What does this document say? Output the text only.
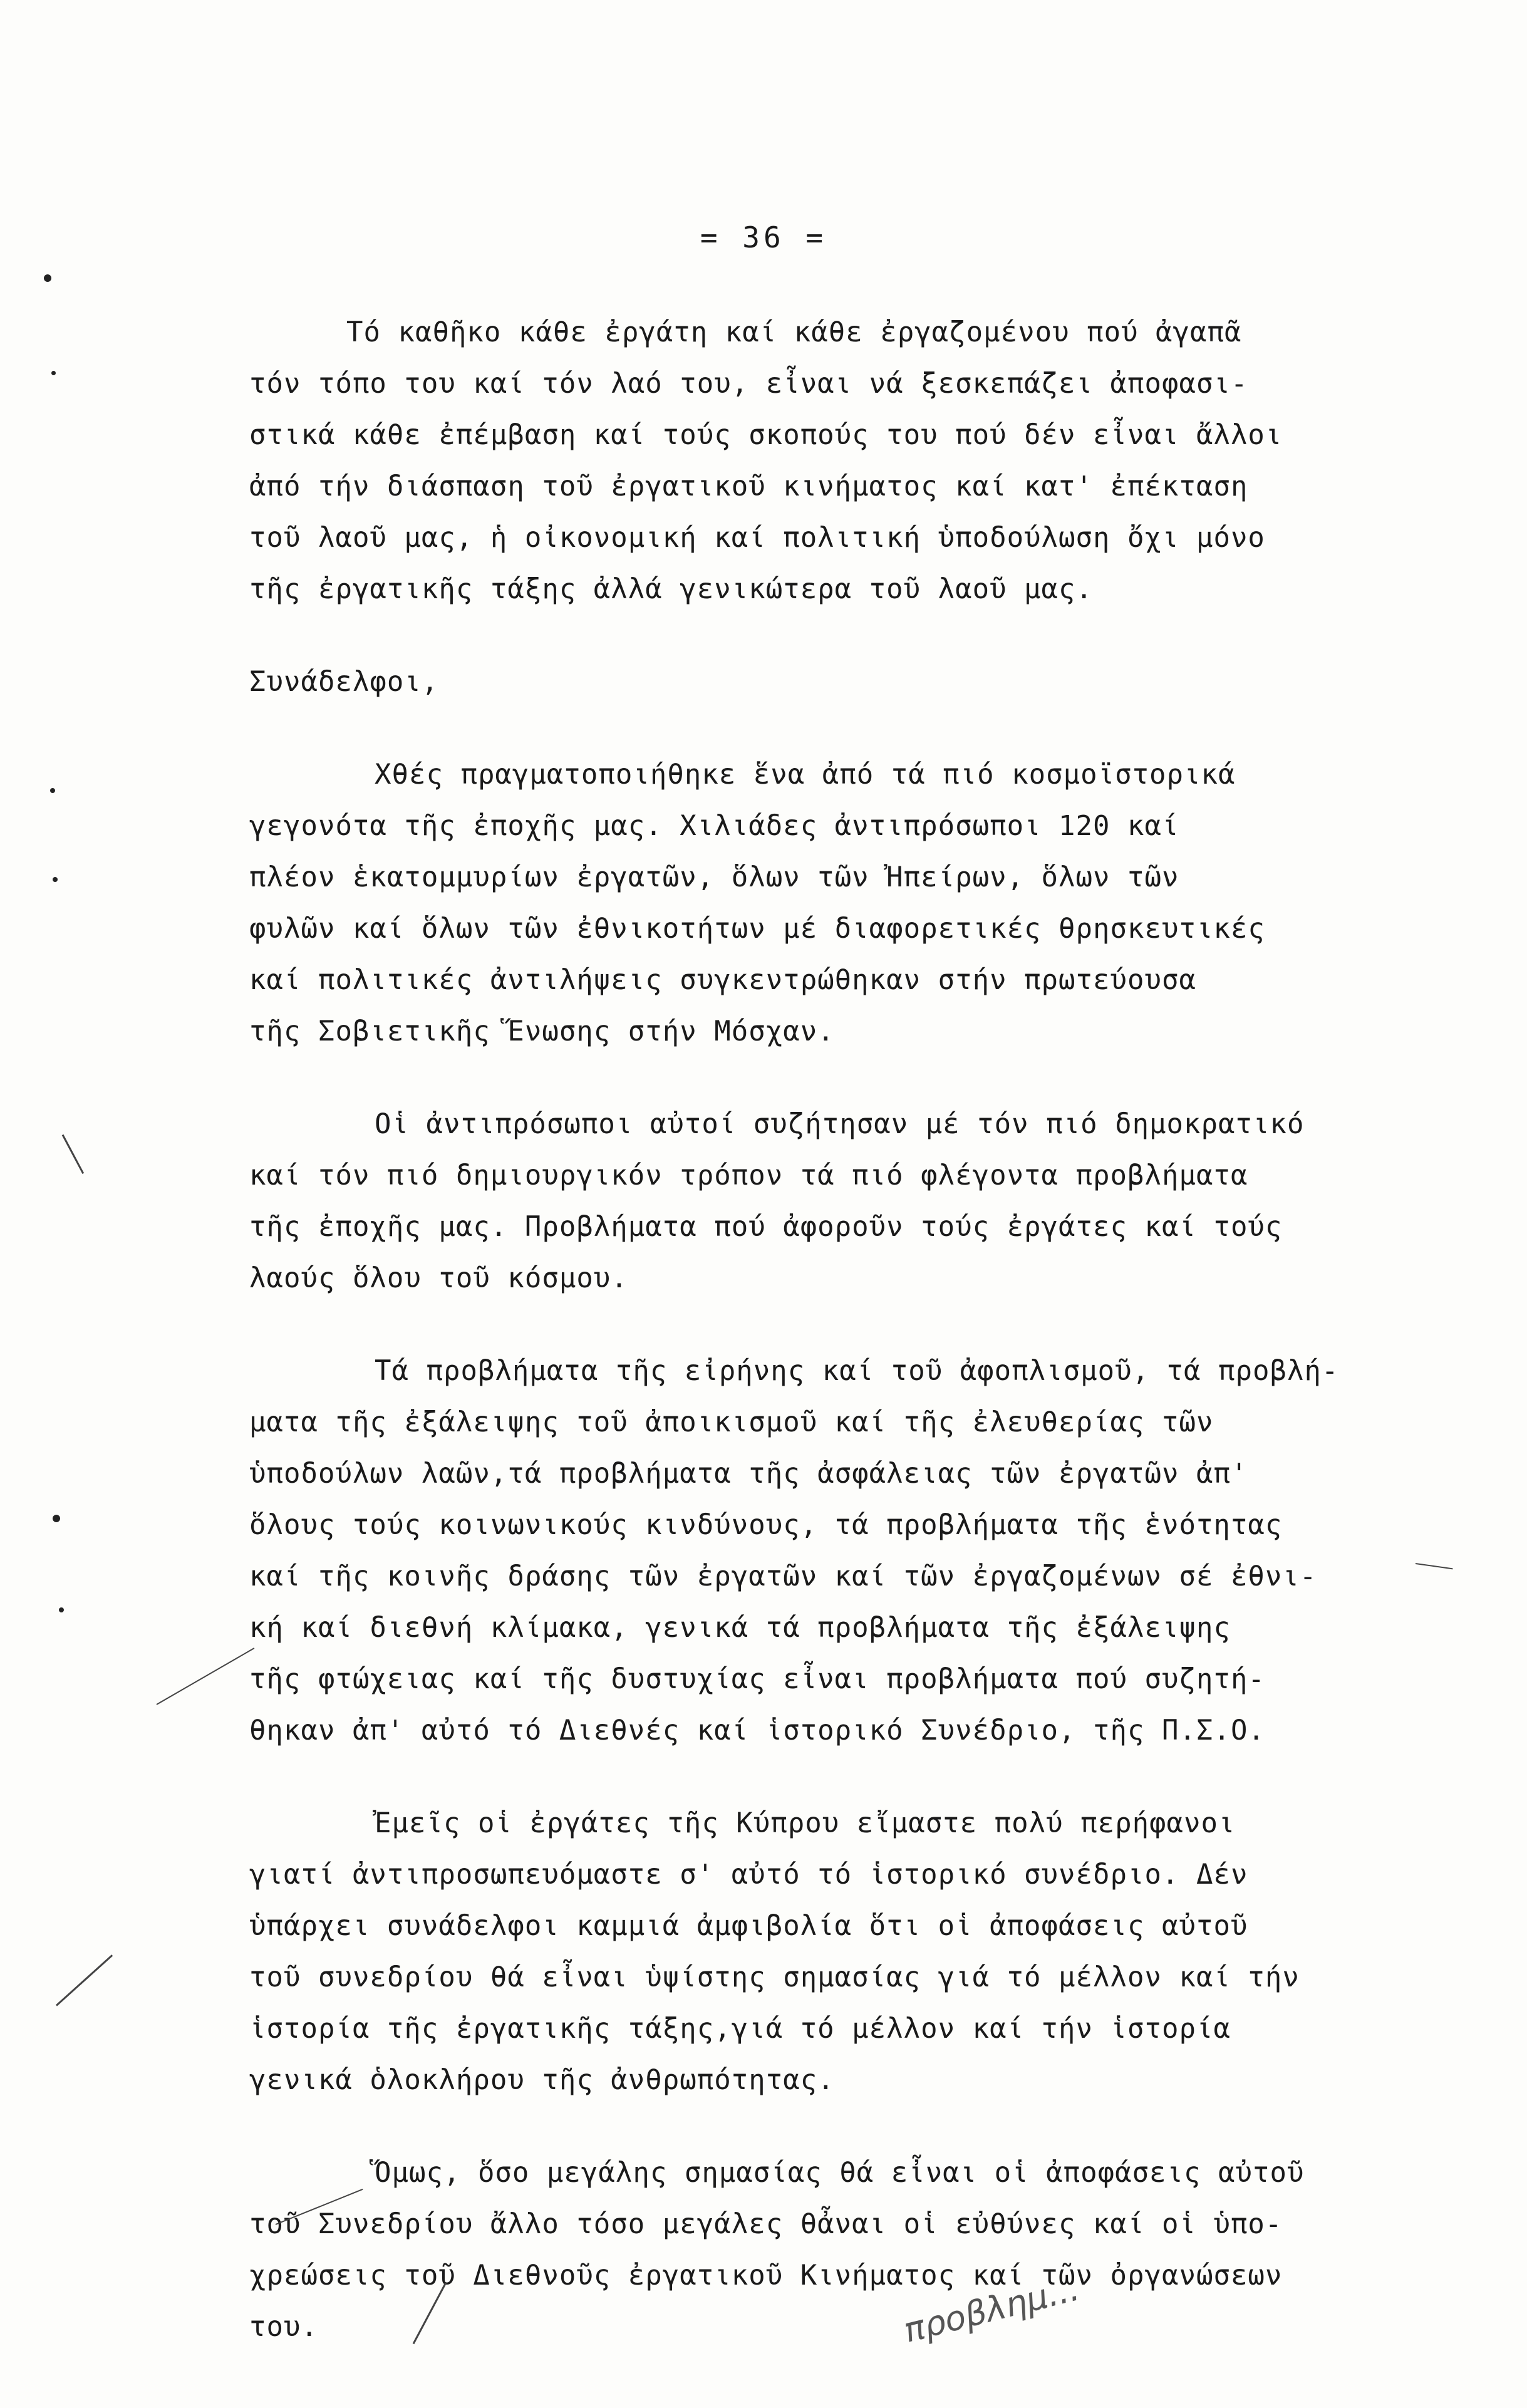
= 36 =
Τό καθῆκο κάθε ἐργάτη καί κάθε ἐργαζομένου πού ἀγαπᾶ
τόν τόπο του καί τόν λαό του, εἶναι νά ξεσκεπάζει ἀποφασι-
στικά κάθε ἐπέμβαση καί τούς σκοπούς του πού δέν εἶναι ἄλλοι
ἀπό τήν διάσπαση τοῦ ἐργατικοῦ κινήματος καί κατ' ἐπέκταση
τοῦ λαοῦ μας, ἡ οἰκονομική καί πολιτική ὑποδούλωση ὄχι μόνο
τῆς ἐργατικῆς τάξης ἀλλά γενικώτερα τοῦ λαοῦ μας.
Συνάδελφοι,
Χθές πραγματοποιήθηκε ἕνα ἀπό τά πιό κοσμοϊστορικά
γεγονότα τῆς ἐποχῆς μας. Χιλιάδες ἀντιπρόσωποι 120 καί
πλέον ἑκατομμυρίων ἐργατῶν, ὅλων τῶν Ἠπείρων, ὅλων τῶν
φυλῶν καί ὅλων τῶν ἐθνικοτήτων μέ διαφορετικές θρησκευτικές
καί πολιτικές ἀντιλήψεις συγκεντρώθηκαν στήν πρωτεύουσα
τῆς Σοβιετικῆς Ἕνωσης στήν Μόσχαν.
Οἱ ἀντιπρόσωποι αὐτοί συζήτησαν μέ τόν πιό δημοκρατικό
καί τόν πιό δημιουργικόν τρόπον τά πιό φλέγοντα προβλήματα
τῆς ἐποχῆς μας. Προβλήματα πού ἀφοροῦν τούς ἐργάτες καί τούς
λαούς ὅλου τοῦ κόσμου.
Τά προβλήματα τῆς εἰρήνης καί τοῦ ἀφοπλισμοῦ, τά προβλή-
ματα τῆς ἐξάλειψης τοῦ ἀποικισμοῦ καί τῆς ἐλευθερίας τῶν
ὑποδούλων λαῶν,τά προβλήματα τῆς ἀσφάλειας τῶν ἐργατῶν ἀπ'
ὅλους τούς κοινωνικούς κινδύνους, τά προβλήματα τῆς ἑνότητας
καί τῆς κοινῆς δράσης τῶν ἐργατῶν καί τῶν ἐργαζομένων σέ ἐθνι-
κή καί διεθνή κλίμακα, γενικά τά προβλήματα τῆς ἐξάλειψης
τῆς φτώχειας καί τῆς δυστυχίας εἶναι προβλήματα πού συζητή-
θηκαν ἀπ' αὐτό τό Διεθνές καί ἱστορικό Συνέδριο, τῆς Π.Σ.Ο.
Ἐμεῖς οἱ ἐργάτες τῆς Κύπρου εἴμαστε πολύ περήφανοι
γιατί ἀντιπροσωπευόμαστε σ' αὐτό τό ἱστορικό συνέδριο. Δέν
ὑπάρχει συνάδελφοι καμμιά ἀμφιβολία ὅτι οἱ ἀποφάσεις αὐτοῦ
τοῦ συνεδρίου θά εἶναι ὑψίστης σημασίας γιά τό μέλλον καί τήν
ἱστορία τῆς ἐργατικῆς τάξης,γιά τό μέλλον καί τήν ἱστορία
γενικά ὁλοκλήρου τῆς ἀνθρωπότητας.
Ὅμως, ὅσο μεγάλης σημασίας θά εἶναι οἱ ἀποφάσεις αὐτοῦ
τοῦ Συνεδρίου ἄλλο τόσο μεγάλες θἆναι οἱ εὐθύνες καί οἱ ὑπο-
χρεώσεις τοῦ Διεθνοῦς ἐργατικοῦ Κινήματος καί τῶν ὀργανώσεων
του.	προβλημ...
